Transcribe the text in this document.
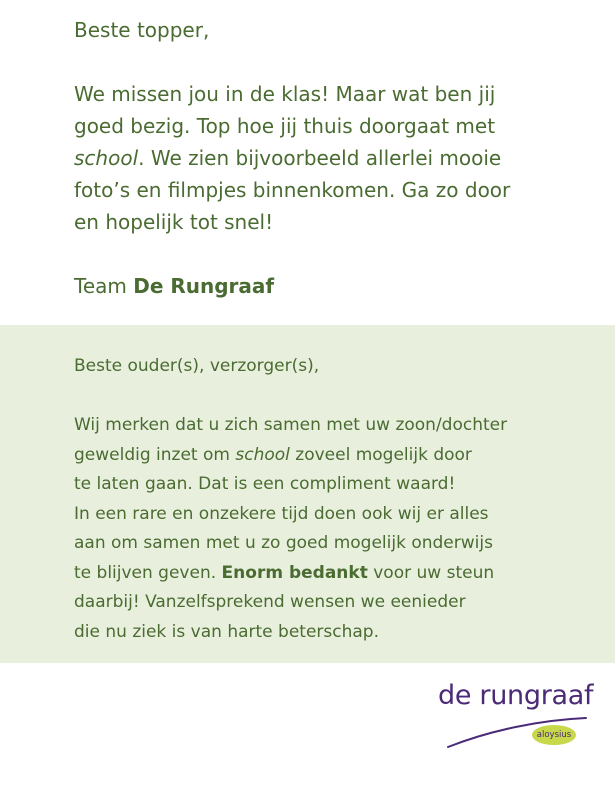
Beste topper,

We missen jou in de klas! Maar wat ben jij
goed bezig. Top hoe jij thuis doorgaat met
school. We zien bijvoorbeeld allerlei mooie
foto’s en filmpjes binnenkomen. Ga zo door
en hopelijk tot snel!

Team De Rungraaf

Beste ouder(s), verzorger(s),

Wij merken dat u zich samen met uw zoon/dochter
geweldig inzet om school zoveel mogelijk door
te laten gaan. Dat is een compliment waard!
In een rare en onzekere tijd doen ook wij er alles
aan om samen met u zo goed mogelijk onderwijs
te blijven geven. Enorm bedankt voor uw steun
daarbij! Vanzelfsprekend wensen we eenieder
die nu ziek is van harte beterschap.

de rungraaf
aloysius
